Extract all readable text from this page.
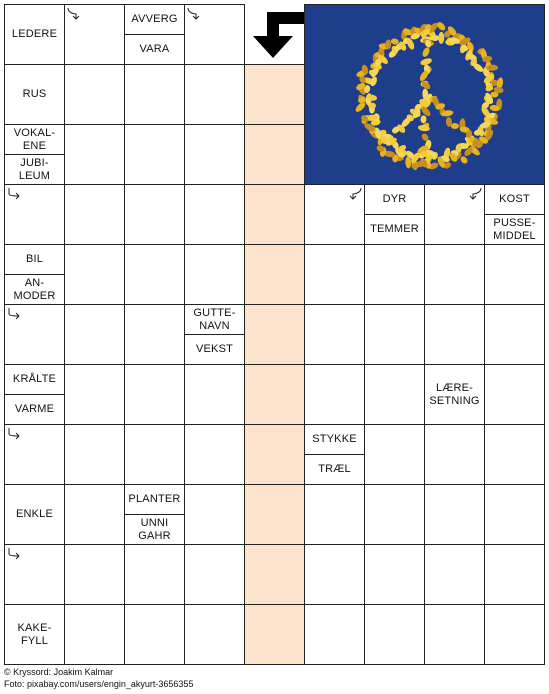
LEDERE
AVVERG
VARA
RUS
VOKAL-
ENE
JUBI-
LEUM
DYR
TEMMER
KOST
PUSSE-
MIDDEL
BIL
AN-
MODER
GUTTE-
NAVN
VEKST
KRÅLTE
VARME
LÆRE-
SETNING
STYKKE
TRÆL
ENKLE
PLANTER
UNNI
GAHR
KAKE-
FYLL
© Kryssord: Joakim Kalmar
Foto: pixabay.com/users/engin_akyurt-3656355
